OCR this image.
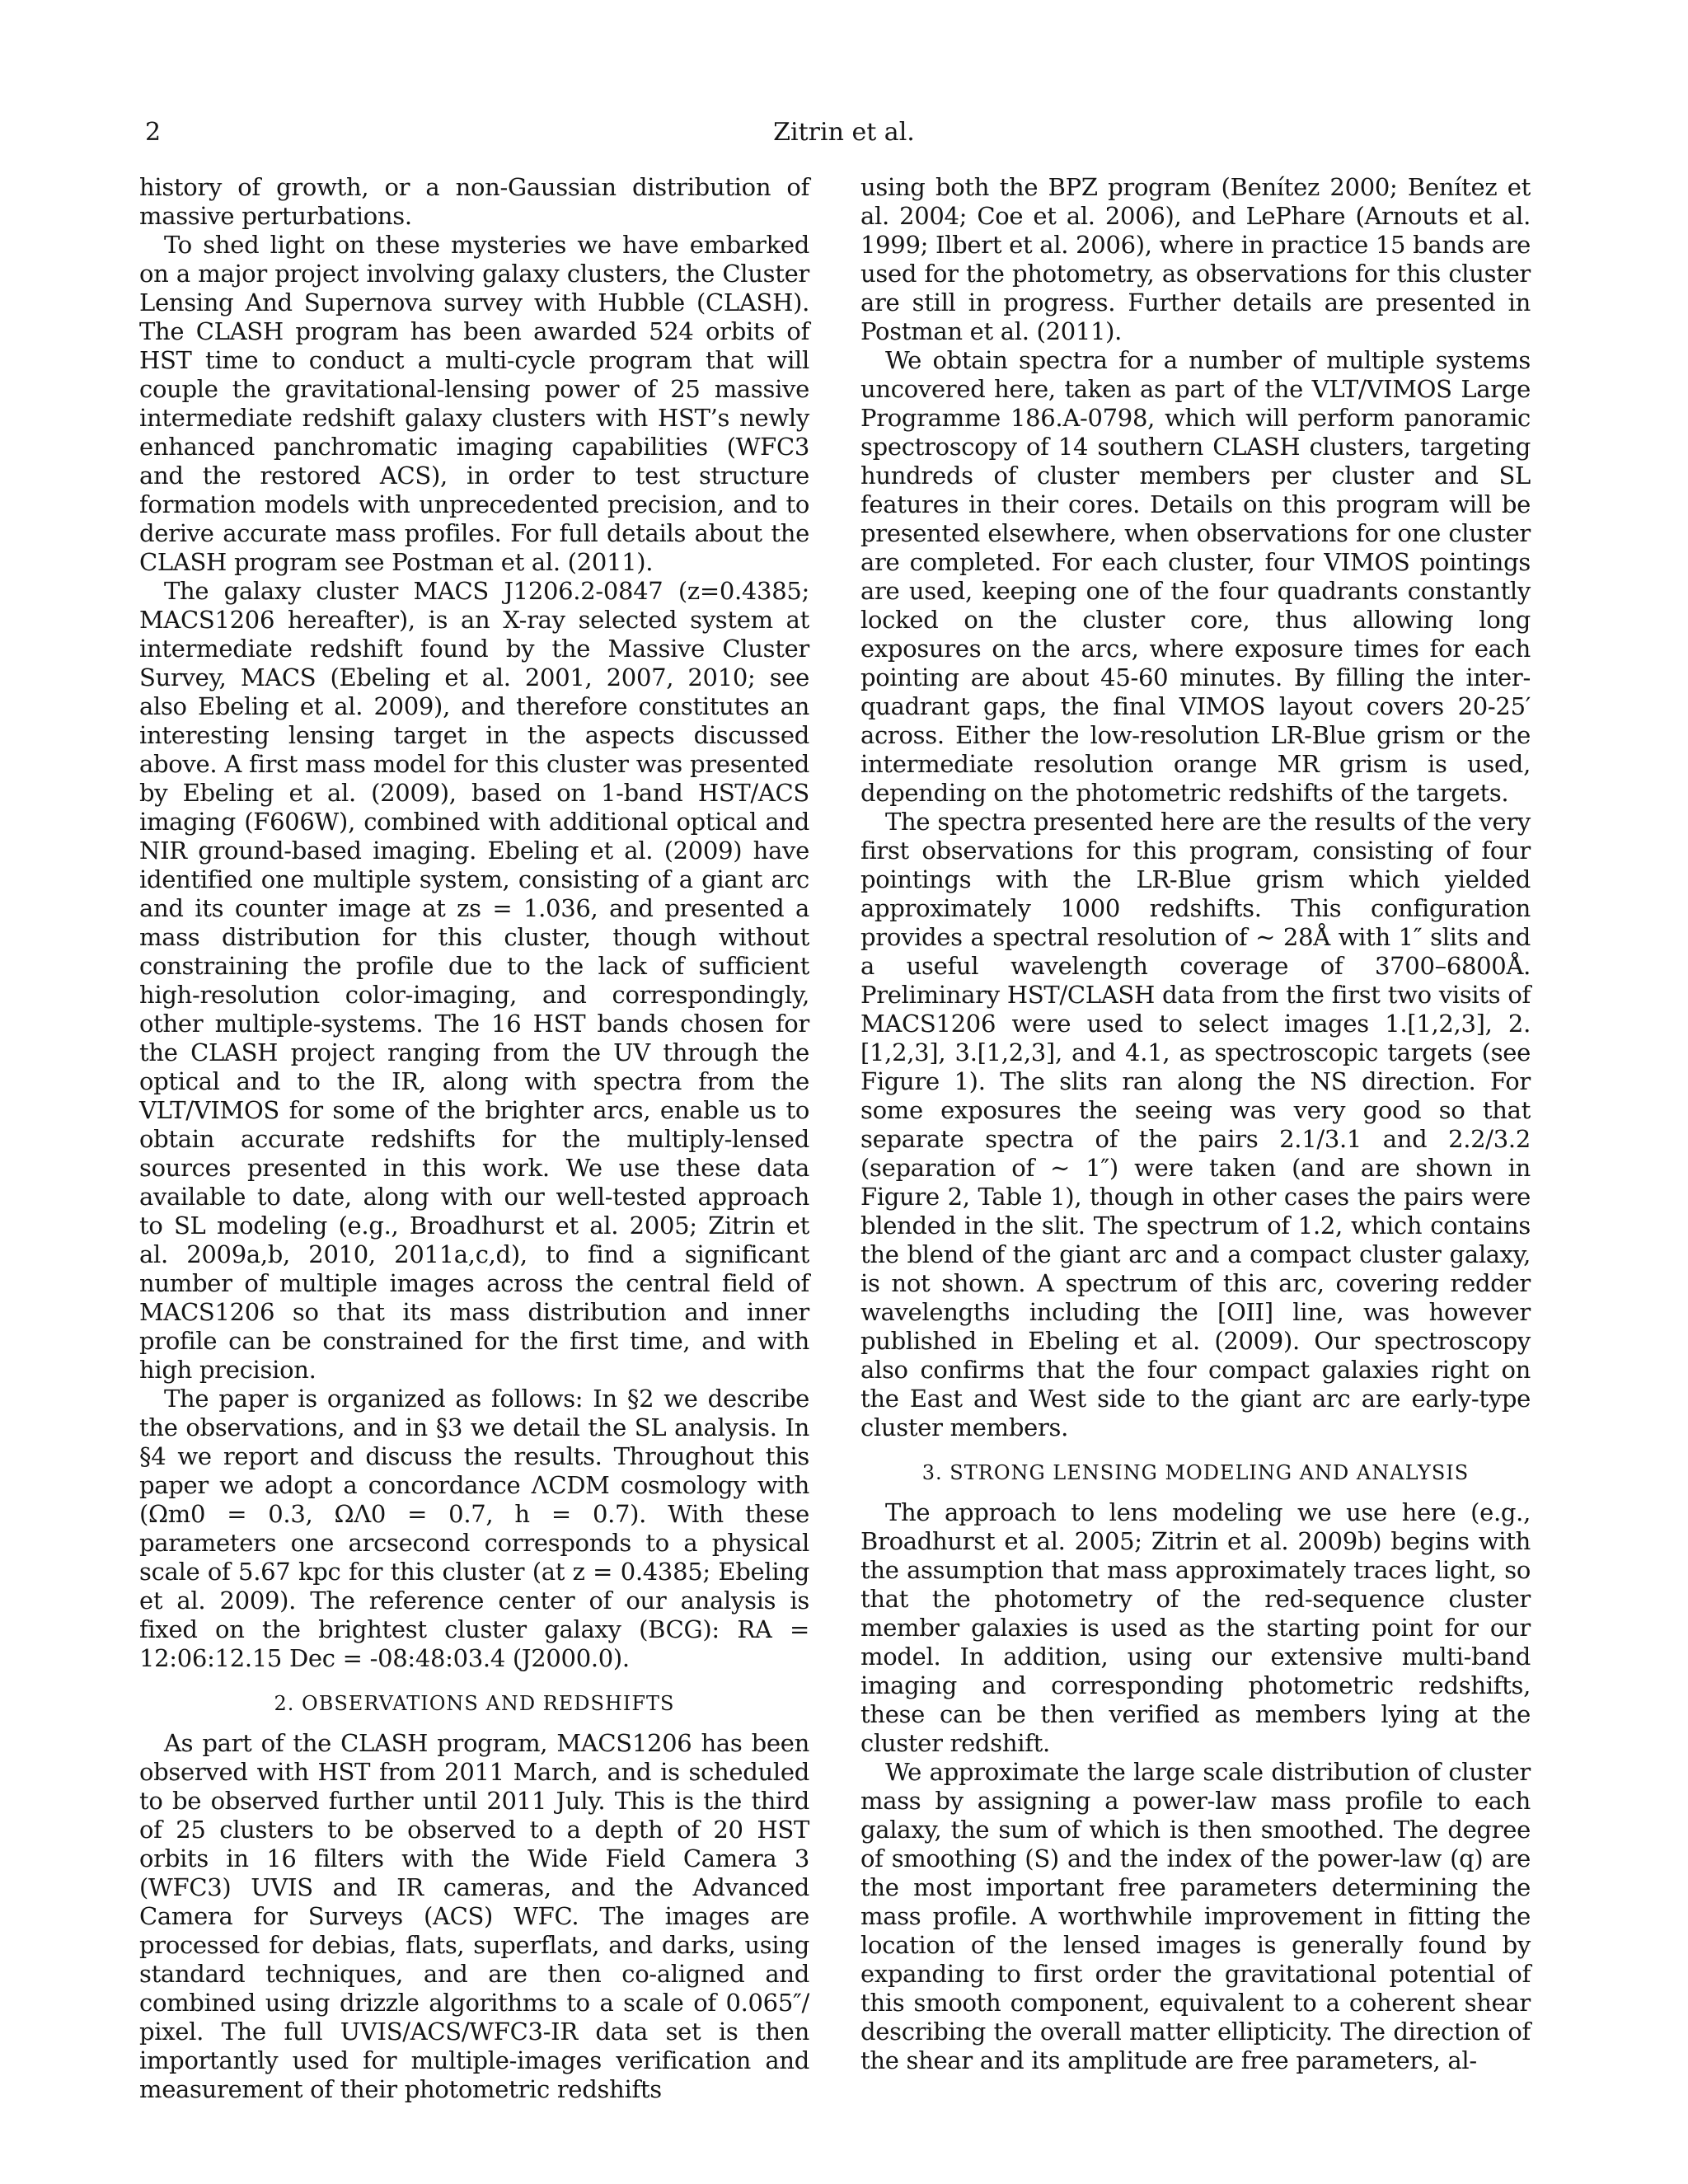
2	Zitrin et al.

history of growth, or a non-Gaussian distribution of massive perturbations.

To shed light on these mysteries we have embarked on a major project involving galaxy clusters, the Cluster Lensing And Supernova survey with Hubble (CLASH). The CLASH program has been awarded 524 orbits of HST time to conduct a multi-cycle program that will couple the gravitational-lensing power of 25 massive intermediate redshift galaxy clusters with HST’s newly enhanced panchromatic imaging capabilities (WFC3 and the restored ACS), in order to test structure formation models with unprecedented precision, and to derive accurate mass profiles. For full details about the CLASH program see Postman et al. (2011).

The galaxy cluster MACS J1206.2-0847 (z=0.4385; MACS1206 hereafter), is an X-ray selected system at intermediate redshift found by the Massive Cluster Survey, MACS (Ebeling et al. 2001, 2007, 2010; see also Ebeling et al. 2009), and therefore constitutes an interesting lensing target in the aspects discussed above. A first mass model for this cluster was presented by Ebeling et al. (2009), based on 1-band HST/ACS imaging (F606W), combined with additional optical and NIR ground-based imaging. Ebeling et al. (2009) have identified one multiple system, consisting of a giant arc and its counter image at zs = 1.036, and presented a mass distribution for this cluster, though without constraining the profile due to the lack of sufficient high-resolution color-imaging, and correspondingly, other multiple-systems. The 16 HST bands chosen for the CLASH project ranging from the UV through the optical and to the IR, along with spectra from the VLT/VIMOS for some of the brighter arcs, enable us to obtain accurate redshifts for the multiply-lensed sources presented in this work. We use these data available to date, along with our well-tested approach to SL modeling (e.g., Broadhurst et al. 2005; Zitrin et al. 2009a,b, 2010, 2011a,c,d), to find a significant number of multiple images across the central field of MACS1206 so that its mass distribution and inner profile can be constrained for the first time, and with high precision.

The paper is organized as follows: In §2 we describe the observations, and in §3 we detail the SL analysis. In §4 we report and discuss the results. Throughout this paper we adopt a concordance ΛCDM cosmology with (Ωm0 = 0.3, ΩΛ0 = 0.7, h = 0.7). With these parameters one arcsecond corresponds to a physical scale of 5.67 kpc for this cluster (at z = 0.4385; Ebeling et al. 2009). The reference center of our analysis is fixed on the brightest cluster galaxy (BCG): RA = 12:06:12.15 Dec = -08:48:03.4 (J2000.0).

2. OBSERVATIONS AND REDSHIFTS

As part of the CLASH program, MACS1206 has been observed with HST from 2011 March, and is scheduled to be observed further until 2011 July. This is the third of 25 clusters to be observed to a depth of 20 HST orbits in 16 filters with the Wide Field Camera 3 (WFC3) UVIS and IR cameras, and the Advanced Camera for Surveys (ACS) WFC. The images are processed for debias, flats, superflats, and darks, using standard techniques, and are then co-aligned and combined using drizzle algorithms to a scale of 0.065″/ pixel. The full UVIS/ACS/WFC3-IR data set is then importantly used for multiple-images verification and measurement of their photometric redshifts

using both the BPZ program (Benítez 2000; Benítez et al. 2004; Coe et al. 2006), and LePhare (Arnouts et al. 1999; Ilbert et al. 2006), where in practice 15 bands are used for the photometry, as observations for this cluster are still in progress. Further details are presented in Postman et al. (2011).

We obtain spectra for a number of multiple systems uncovered here, taken as part of the VLT/VIMOS Large Programme 186.A-0798, which will perform panoramic spectroscopy of 14 southern CLASH clusters, targeting hundreds of cluster members per cluster and SL features in their cores. Details on this program will be presented elsewhere, when observations for one cluster are completed. For each cluster, four VIMOS pointings are used, keeping one of the four quadrants constantly locked on the cluster core, thus allowing long exposures on the arcs, where exposure times for each pointing are about 45-60 minutes. By filling the inter-quadrant gaps, the final VIMOS layout covers 20-25′ across. Either the low-resolution LR-Blue grism or the intermediate resolution orange MR grism is used, depending on the photometric redshifts of the targets.

The spectra presented here are the results of the very first observations for this program, consisting of four pointings with the LR-Blue grism which yielded approximately 1000 redshifts. This configuration provides a spectral resolution of ∼ 28Å with 1″ slits and a useful wavelength coverage of 3700–6800Å. Preliminary HST/CLASH data from the first two visits of MACS1206 were used to select images 1.[1,2,3], 2.[1,2,3], 3.[1,2,3], and 4.1, as spectroscopic targets (see Figure 1). The slits ran along the NS direction. For some exposures the seeing was very good so that separate spectra of the pairs 2.1/3.1 and 2.2/3.2 (separation of ∼ 1″) were taken (and are shown in Figure 2, Table 1), though in other cases the pairs were blended in the slit. The spectrum of 1.2, which contains the blend of the giant arc and a compact cluster galaxy, is not shown. A spectrum of this arc, covering redder wavelengths including the [OII] line, was however published in Ebeling et al. (2009). Our spectroscopy also confirms that the four compact galaxies right on the East and West side to the giant arc are early-type cluster members.

3. STRONG LENSING MODELING AND ANALYSIS

The approach to lens modeling we use here (e.g., Broadhurst et al. 2005; Zitrin et al. 2009b) begins with the assumption that mass approximately traces light, so that the photometry of the red-sequence cluster member galaxies is used as the starting point for our model. In addition, using our extensive multi-band imaging and corresponding photometric redshifts, these can be then verified as members lying at the cluster redshift.

We approximate the large scale distribution of cluster mass by assigning a power-law mass profile to each galaxy, the sum of which is then smoothed. The degree of smoothing (S) and the index of the power-law (q) are the most important free parameters determining the mass profile. A worthwhile improvement in fitting the location of the lensed images is generally found by expanding to first order the gravitational potential of this smooth component, equivalent to a coherent shear describing the overall matter ellipticity. The direction of the shear and its amplitude are free parameters, al-
